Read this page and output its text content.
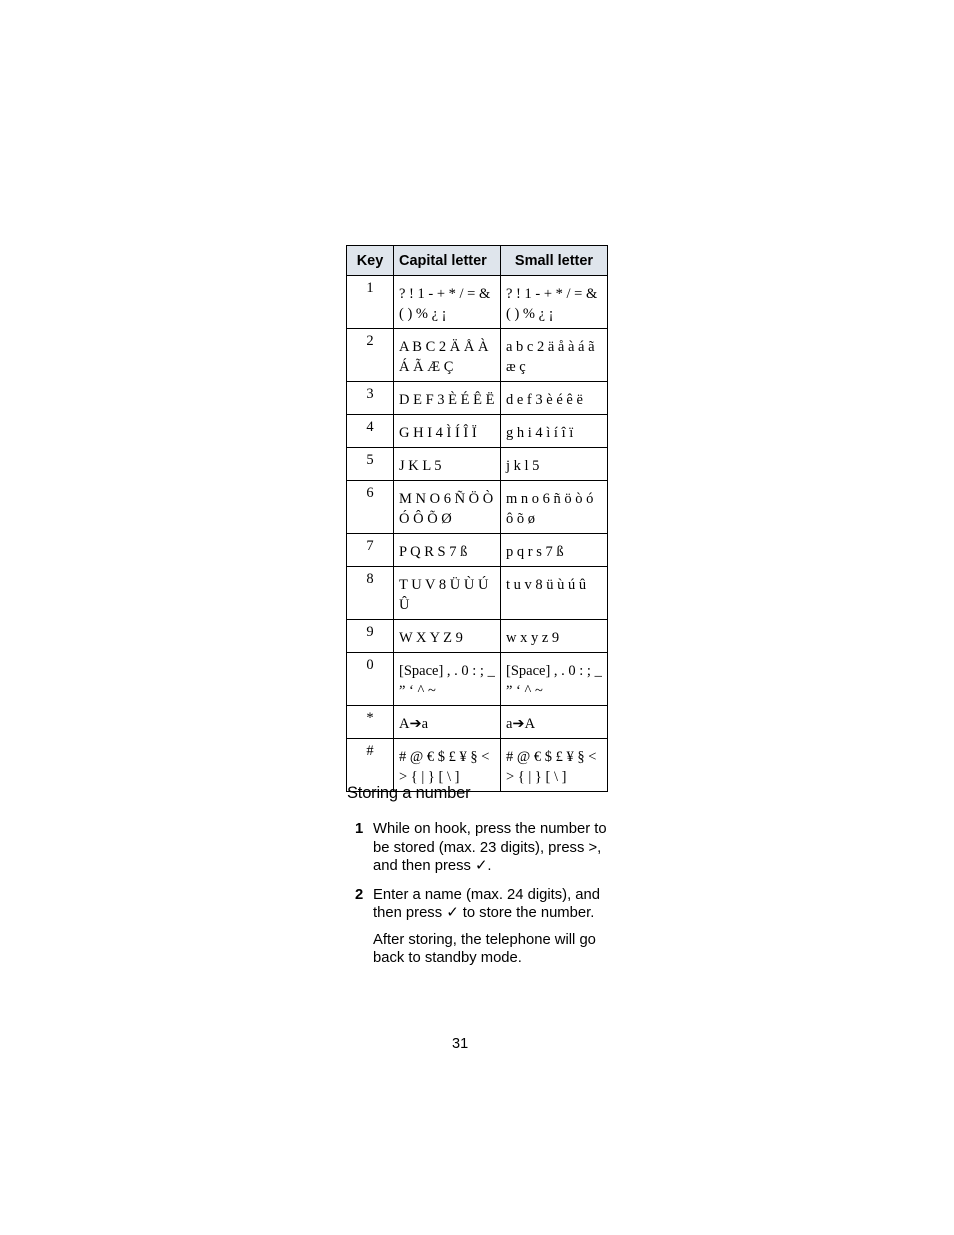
Key	Capital letter	Small letter
1	? ! 1 - + * / = & ( ) % ¿ ¡	? ! 1 - + * / = & ( ) % ¿ ¡
2	A B C 2 Ä Å À Á Ã Æ Ç	a b c 2 ä å à á ã æ ç
3	D E F 3 È É Ê Ë	d e f 3 è é ê ë
4	G H I 4 Ì Í Î Ï	g h i 4 ì í î ï
5	J K L 5	j k l 5
6	M N O 6 Ñ Ö Ò Ó Ô Õ Ø	m n o 6 ñ ö ò ó ô õ ø
7	P Q R S 7 ß	p q r s 7 ß
8	T U V 8 Ü Ù Ú Û	t u v 8 ü ù ú û
9	W X Y Z 9	w x y z 9
0	[Space] , . 0 : ; _ ” ‘ ^ ~	[Space] , . 0 : ; _ ” ‘ ^ ~
*	A➔a	a➔A
#	# @ € $ £ ¥ § < > { | } [ \ ]	# @ € $ £ ¥ § < > { | } [ \ ]
Storing a number
1 While on hook, press the number to be stored (max. 23 digits), press >, and then press ✓.
2 Enter a name (max. 24 digits), and then press ✓ to store the number.
After storing, the telephone will go back to standby mode.
31
